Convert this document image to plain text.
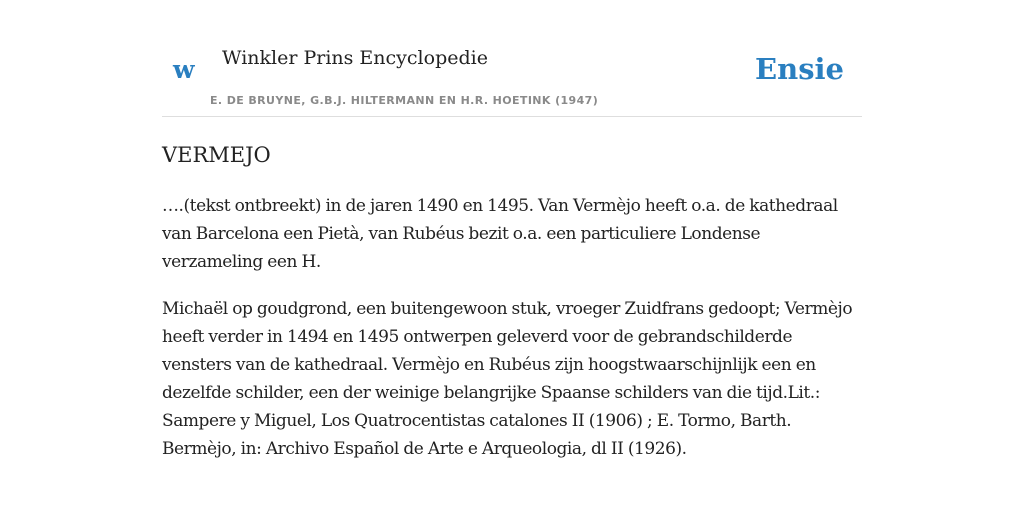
w Winkler Prins Encyclopedie
E. DE BRUYNE, G.B.J. HILTERMANN EN H.R. HOETINK (1947)
Ensie
VERMEJO

….(tekst ontbreekt) in de jaren 1490 en 1495. Van Vermèjo heeft o.a. de kathedraal van Barcelona een Pietà, van Rubéus bezit o.a. een particuliere Londense verzameling een H.

Michaël op goudgrond, een buitengewoon stuk, vroeger Zuidfrans gedoopt; Vermèjo heeft verder in 1494 en 1495 ontwerpen geleverd voor de gebrandschilderde vensters van de kathedraal. Vermèjo en Rubéus zijn hoogstwaarschijnlijk een en dezelfde schilder, een der weinige belangrijke Spaanse schilders van die tijd.Lit.: Sampere y Miguel, Los Quatrocentistas catalones II (1906) ; E. Tormo, Barth. Bermèjo, in: Archivo Español de Arte e Arqueologia, dl II (1926).
